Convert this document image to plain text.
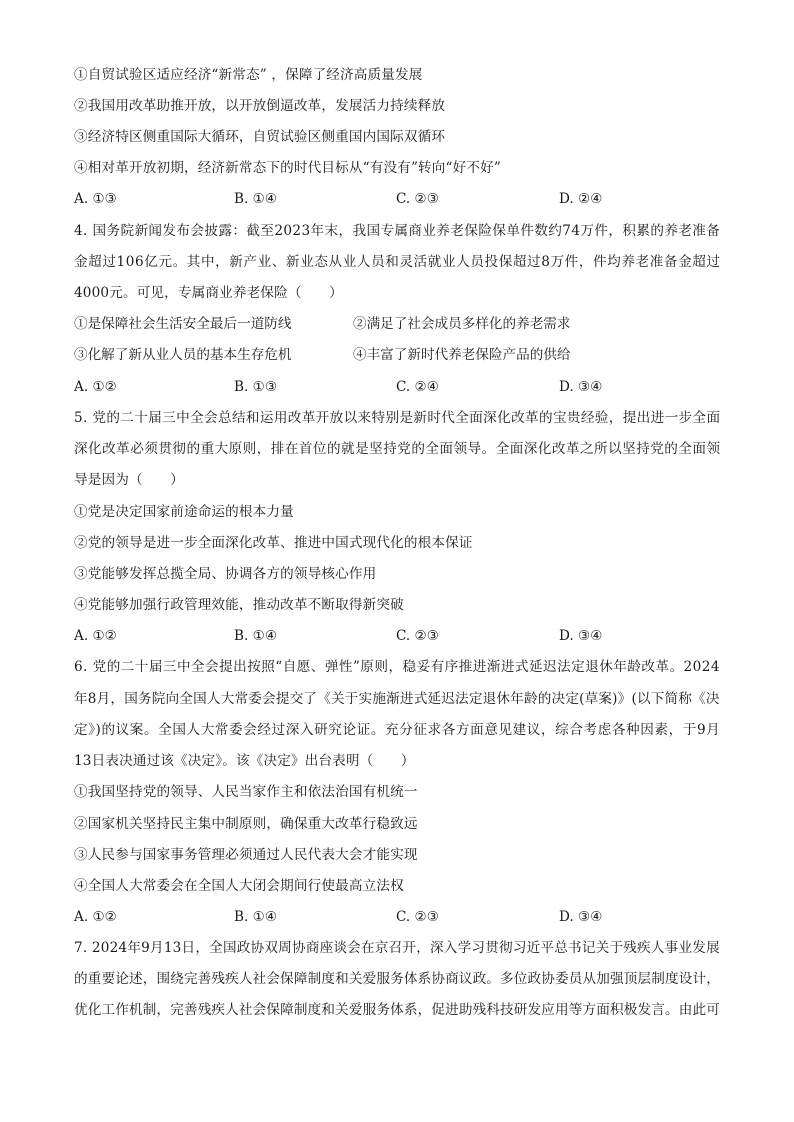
①自贸试验区适应经济“新常态” ，保障了经济高质量发展
②我国用改革助推开放，以开放倒逼改革，发展活力持续释放
③经济特区侧重国际大循环，自贸试验区侧重国内国际双循环
④相对革开放初期，经济新常态下的时代目标从“有没有”转向“好不好”
A. ①③	B. ①④	C. ②③	D. ②④
4. 国务院新闻发布会披露：截至2023年末，我国专属商业养老保险保单件数约74万件，积累的养老准备
金超过106亿元。其中，新产业、新业态从业人员和灵活就业人员投保超过8万件，件均养老准备金超过
4000元。可见，专属商业养老保险（　　）
①是保障社会生活安全最后一道防线	②满足了社会成员多样化的养老需求
③化解了新从业人员的基本生存危机	④丰富了新时代养老保险产品的供给
A. ①②	B. ①③	C. ②④	D. ③④
5. 党的二十届三中全会总结和运用改革开放以来特别是新时代全面深化改革的宝贵经验，提出进一步全面
深化改革必须贯彻的重大原则，排在首位的就是坚持党的全面领导。全面深化改革之所以坚持党的全面领
导是因为（　　）
①党是决定国家前途命运的根本力量
②党的领导是进一步全面深化改革、推进中国式现代化的根本保证
③党能够发挥总揽全局、协调各方的领导核心作用
④党能够加强行政管理效能，推动改革不断取得新突破
A. ①②	B. ①④	C. ②③	D. ③④
6. 党的二十届三中全会提出按照“自愿、弹性”原则，稳妥有序推进渐进式延迟法定退休年龄改革。2024
年8月，国务院向全国人大常委会提交了《关于实施渐进式延迟法定退休年龄的决定(草案)》(以下简称《决
定》)的议案。全国人大常委会经过深入研究论证。充分征求各方面意见建议，综合考虑各种因素，于9月
13日表决通过该《决定》。该《决定》出台表明（　　）
①我国坚持党的领导、人民当家作主和依法治国有机统一
②国家机关坚持民主集中制原则，确保重大改革行稳致远
③人民参与国家事务管理必须通过人民代表大会才能实现
④全国人大常委会在全国人大闭会期间行使最高立法权
A. ①②	B. ①④	C. ②③	D. ③④
7. 2024年9月13日，全国政协双周协商座谈会在京召开，深入学习贯彻习近平总书记关于残疾人事业发展
的重要论述，围绕完善残疾人社会保障制度和关爱服务体系协商议政。多位政协委员从加强顶层制度设计，
优化工作机制，完善残疾人社会保障制度和关爱服务体系，促进助残科技研发应用等方面积极发言。由此可
